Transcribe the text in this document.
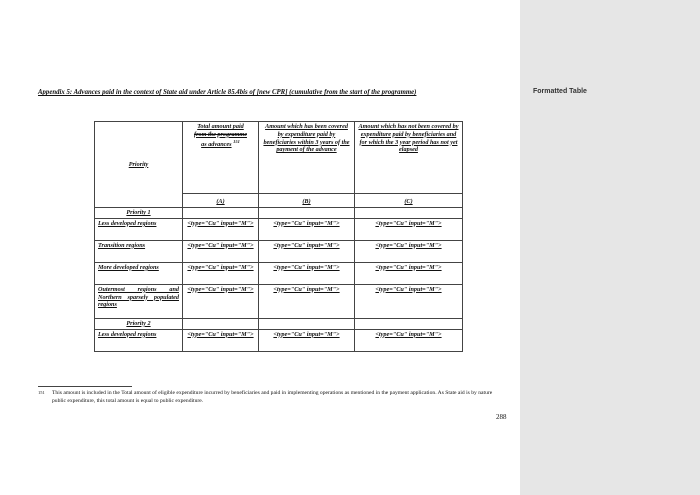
Appendix 5: Advances paid in the context of State aid under Article 85.4bis of [new CPR] (cumulative from the start of the programme)
Priority	Total amount paid
from the programme
as advances $^{151}$	Amount which has been covered by expenditure paid by beneficiaries within 3 years of the payment of the advance	Amount which has not been covered by expenditure paid by beneficiaries and for which the 3 year period has not yet elapsed
	(A)	(B)	(C)
Priority 1			
Less developed regions	<type="Cu" input="M">	<type="Cu" input="M">	<type="Cu" input="M">
Transition regions	<type="Cu" input="M">	<type="Cu" input="M">	<type="Cu" input="M">
More developed regions	<type="Cu" input="M">	<type="Cu" input="M">	<type="Cu" input="M">
Outermost regions and Northern sparsely populated regions	<type="Cu" input="M">	<type="Cu" input="M">	<type="Cu" input="M">
Priority 2			
Less developed regions	<type="Cu" input="M">	<type="Cu" input="M">	<type="Cu" input="M">
151	This amount is included in the Total amount of eligible expenditure incurred by beneficiaries and paid in implementing operations as mentioned in the payment application. As State aid is by nature public expenditure, this total amount is equal to public expenditure.
288
Formatted Table
